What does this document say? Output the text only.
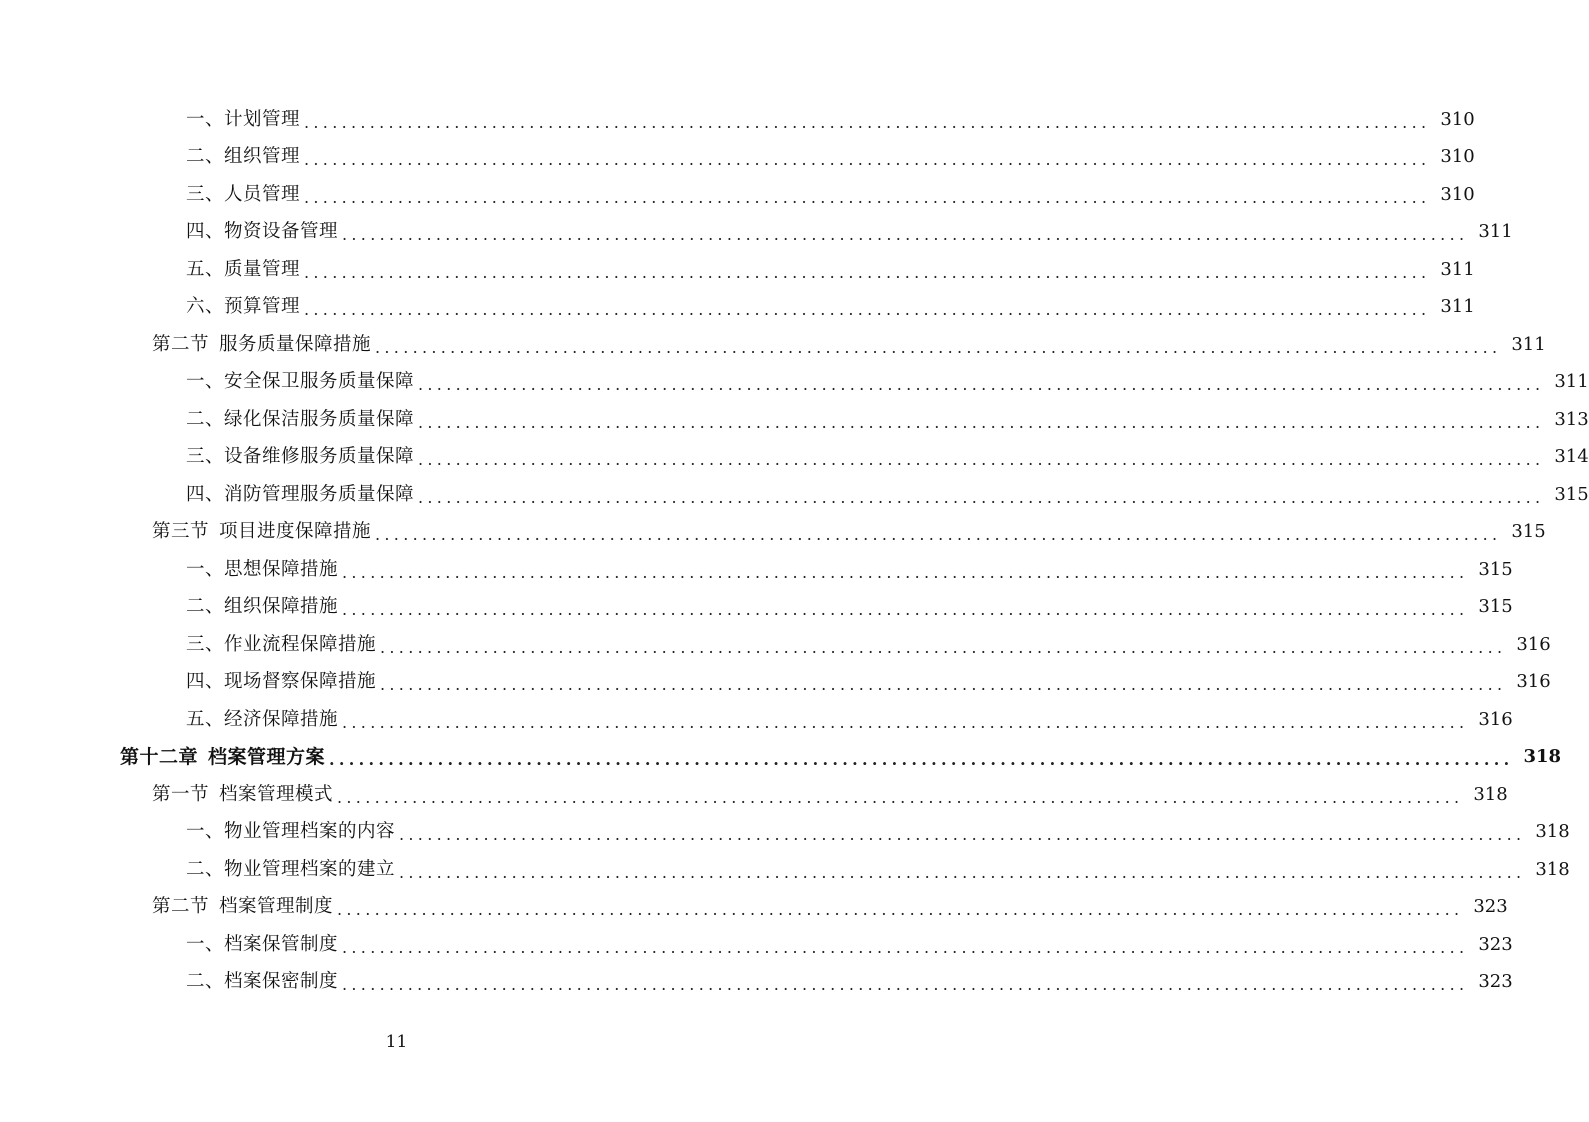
一、计划管理 ........................................................................................................................ 310
二、组织管理 ........................................................................................................................ 310
三、人员管理 ........................................................................................................................ 310
四、物资设备管理 ........................................................................................................................ 311
五、质量管理 ........................................................................................................................ 311
六、预算管理 ........................................................................................................................ 311
第二节 服务质量保障措施 ........................................................................................................................ 311
一、安全保卫服务质量保障 ........................................................................................................................ 311
二、绿化保洁服务质量保障 ........................................................................................................................ 313
三、设备维修服务质量保障 ........................................................................................................................ 314
四、消防管理服务质量保障 ........................................................................................................................ 315
第三节 项目进度保障措施 ........................................................................................................................ 315
一、思想保障措施 ........................................................................................................................ 315
二、组织保障措施 ........................................................................................................................ 315
三、作业流程保障措施 ........................................................................................................................ 316
四、现场督察保障措施 ........................................................................................................................ 316
五、经济保障措施 ........................................................................................................................ 316
第十二章 档案管理方案 ........................................................................................................................ 318
第一节 档案管理模式 ........................................................................................................................ 318
一、物业管理档案的内容 ........................................................................................................................ 318
二、物业管理档案的建立 ........................................................................................................................ 318
第二节 档案管理制度 ........................................................................................................................ 323
一、档案保管制度 ........................................................................................................................ 323
二、档案保密制度 ........................................................................................................................ 323
11
